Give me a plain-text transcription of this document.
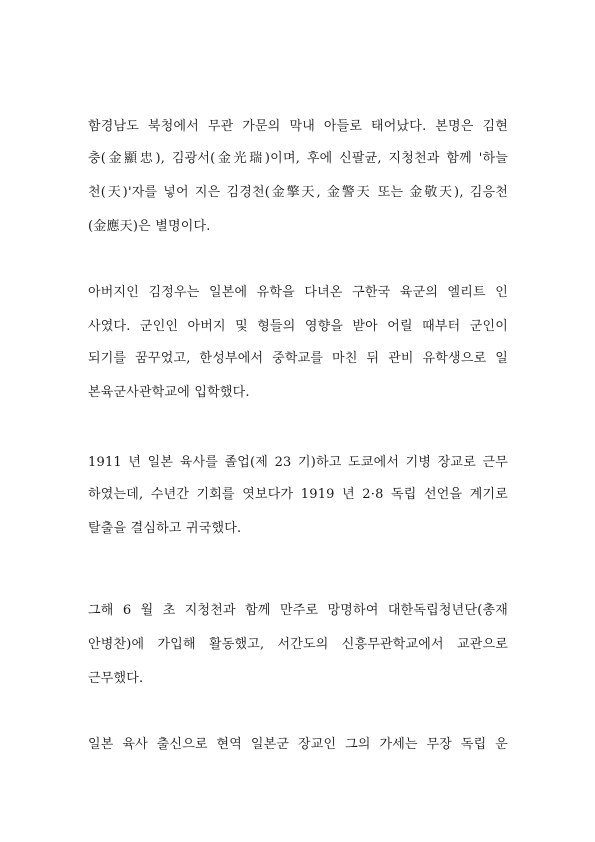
함경남도 북청에서 무관 가문의 막내 아들로 태어났다. 본명은 김현
충(金顯忠), 김광서(金光瑞)이며, 후에 신팔균, 지청천과 함께 '하늘
천(天)'자를 넣어 지은 김경천(金擎天, 金警天 또는 金敬天), 김응천
(金應天)은 별명이다.
아버지인 김정우는 일본에 유학을 다녀온 구한국 육군의 엘리트 인
사였다. 군인인 아버지 및 형들의 영향을 받아 어릴 때부터 군인이
되기를 꿈꾸었고, 한성부에서 중학교를 마친 뒤 관비 유학생으로 일
본육군사관학교에 입학했다.
1911 년 일본 육사를 졸업(제 23 기)하고 도쿄에서 기병 장교로 근무
하였는데, 수년간 기회를 엿보다가 1919 년 2·8 독립 선언을 계기로
탈출을 결심하고 귀국했다.
그해 6 월 초 지청천과 함께 만주로 망명하여 대한독립청년단(총재
안병찬)에 가입해 활동했고, 서간도의 신흥무관학교에서 교관으로
근무했다.
일본 육사 출신으로 현역 일본군 장교인 그의 가세는 무장 독립 운
